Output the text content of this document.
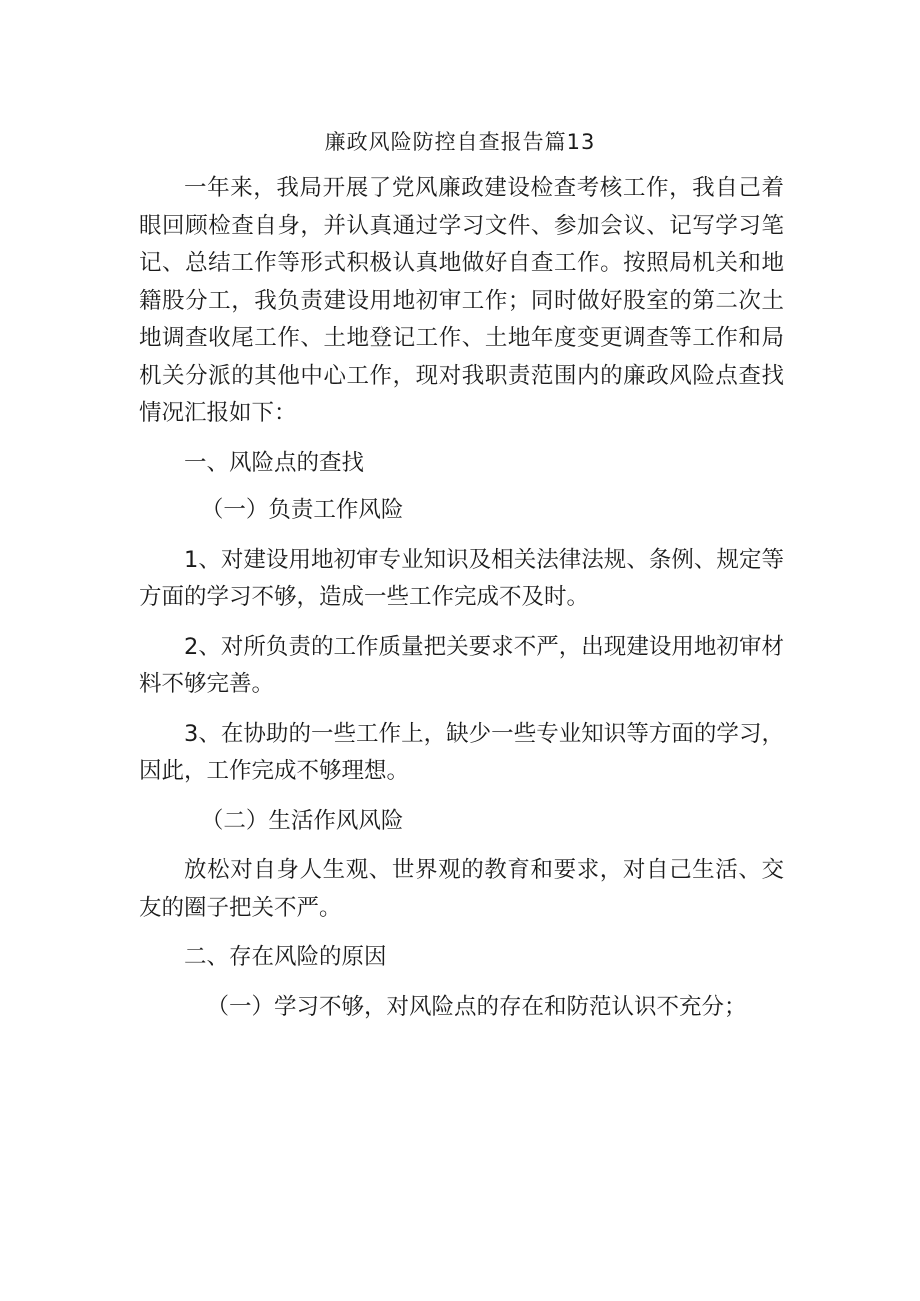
廉政风险防控自查报告篇13

一年来，我局开展了党风廉政建设检查考核工作，我自己着眼回顾检查自身，并认真通过学习文件、参加会议、记写学习笔记、总结工作等形式积极认真地做好自查工作。按照局机关和地籍股分工，我负责建设用地初审工作；同时做好股室的第二次土地调查收尾工作、土地登记工作、土地年度变更调查等工作和局机关分派的其他中心工作，现对我职责范围内的廉政风险点查找情况汇报如下：

一、风险点的查找

（一）负责工作风险

1、对建设用地初审专业知识及相关法律法规、条例、规定等方面的学习不够，造成一些工作完成不及时。

2、对所负责的工作质量把关要求不严，出现建设用地初审材料不够完善。

3、在协助的一些工作上，缺少一些专业知识等方面的学习，因此，工作完成不够理想。

（二）生活作风风险

放松对自身人生观、世界观的教育和要求，对自己生活、交友的圈子把关不严。

二、存在风险的原因

（一）学习不够，对风险点的存在和防范认识不充分；
